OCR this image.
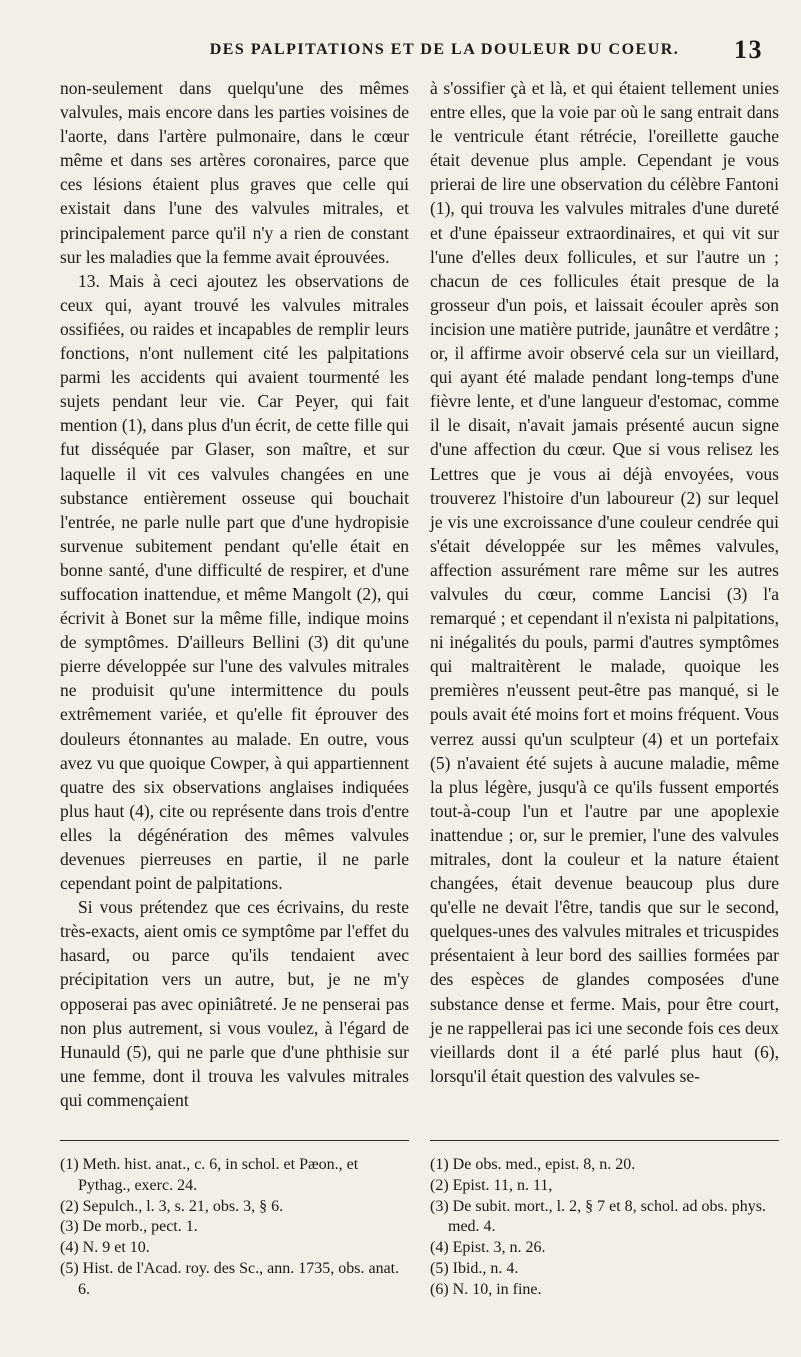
DES PALPITATIONS ET DE LA DOULEUR DU COEUR. 13

non-seulement dans quelqu'une des mêmes valvules, mais encore dans les parties voisines de l'aorte, dans l'artère pulmonaire, dans le cœur même et dans ses artères coronaires, parce que ces lésions étaient plus graves que celle qui existait dans l'une des valvules mitrales, et principalement parce qu'il n'y a rien de constant sur les maladies que la femme avait éprouvées.

13. Mais à ceci ajoutez les observations de ceux qui, ayant trouvé les valvules mitrales ossifiées, ou raides et incapables de remplir leurs fonctions, n'ont nullement cité les palpitations parmi les accidents qui avaient tourmenté les sujets pendant leur vie. Car Peyer, qui fait mention (1), dans plus d'un écrit, de cette fille qui fut disséquée par Glaser, son maître, et sur laquelle il vit ces valvules changées en une substance entièrement osseuse qui bouchait l'entrée, ne parle nulle part que d'une hydropisie survenue subitement pendant qu'elle était en bonne santé, d'une difficulté de respirer, et d'une suffocation inattendue, et même Mangolt (2), qui écrivit à Bonet sur la même fille, indique moins de symptômes. D'ailleurs Bellini (3) dit qu'une pierre développée sur l'une des valvules mitrales ne produisit qu'une intermittence du pouls extrêmement variée, et qu'elle fit éprouver des douleurs étonnantes au malade. En outre, vous avez vu que quoique Cowper, à qui appartiennent quatre des six observations anglaises indiquées plus haut (4), cite ou représente dans trois d'entre elles la dégénération des mêmes valvules devenues pierreuses en partie, il ne parle cependant point de palpitations.

Si vous prétendez que ces écrivains, du reste très-exacts, aient omis ce symptôme par l'effet du hasard, ou parce qu'ils tendaient avec précipitation vers un autre, but, je ne m'y opposerai pas avec opiniâtreté. Je ne penserai pas non plus autrement, si vous voulez, à l'égard de Hunauld (5), qui ne parle que d'une phthisie sur une femme, dont il trouva les valvules mitrales qui commençaient

à s'ossifier çà et là, et qui étaient tellement unies entre elles, que la voie par où le sang entrait dans le ventricule étant rétrécie, l'oreillette gauche était devenue plus ample. Cependant je vous prierai de lire une observation du célèbre Fantoni (1), qui trouva les valvules mitrales d'une dureté et d'une épaisseur extraordinaires, et qui vit sur l'une d'elles deux follicules, et sur l'autre un ; chacun de ces follicules était presque de la grosseur d'un pois, et laissait écouler après son incision une matière putride, jaunâtre et verdâtre ; or, il affirme avoir observé cela sur un vieillard, qui ayant été malade pendant long-temps d'une fièvre lente, et d'une langueur d'estomac, comme il le disait, n'avait jamais présenté aucun signe d'une affection du cœur. Que si vous relisez les Lettres que je vous ai déjà envoyées, vous trouverez l'histoire d'un laboureur (2) sur lequel je vis une excroissance d'une couleur cendrée qui s'était développée sur les mêmes valvules, affection assurément rare même sur les autres valvules du cœur, comme Lancisi (3) l'a remarqué ; et cependant il n'exista ni palpitations, ni inégalités du pouls, parmi d'autres symptômes qui maltraitèrent le malade, quoique les premières n'eussent peut-être pas manqué, si le pouls avait été moins fort et moins fréquent. Vous verrez aussi qu'un sculpteur (4) et un portefaix (5) n'avaient été sujets à aucune maladie, même la plus légère, jusqu'à ce qu'ils fussent emportés tout-à-coup l'un et l'autre par une apoplexie inattendue ; or, sur le premier, l'une des valvules mitrales, dont la couleur et la nature étaient changées, était devenue beaucoup plus dure qu'elle ne devait l'être, tandis que sur le second, quelques-unes des valvules mitrales et tricuspides présentaient à leur bord des saillies formées par des espèces de glandes composées d'une substance dense et ferme. Mais, pour être court, je ne rappellerai pas ici une seconde fois ces deux vieillards dont il a été parlé plus haut (6), lorsqu'il était question des valvules se-

(1) Meth. hist. anat., c. 6, in schol. et Pæon., et Pythag., exerc. 24.

(2) Sepulch., l. 3, s. 21, obs. 3, § 6.

(3) De morb., pect. 1.

(4) N. 9 et 10.

(5) Hist. de l'Acad. roy. des Sc., ann. 1735, obs. anat. 6.

(1) De obs. med., epist. 8, n. 20.

(2) Epist. 11, n. 11,

(3) De subit. mort., l. 2, § 7 et 8, schol. ad obs. phys. med. 4.

(4) Epist. 3, n. 26.

(5) Ibid., n. 4.

(6) N. 10, in fine.
